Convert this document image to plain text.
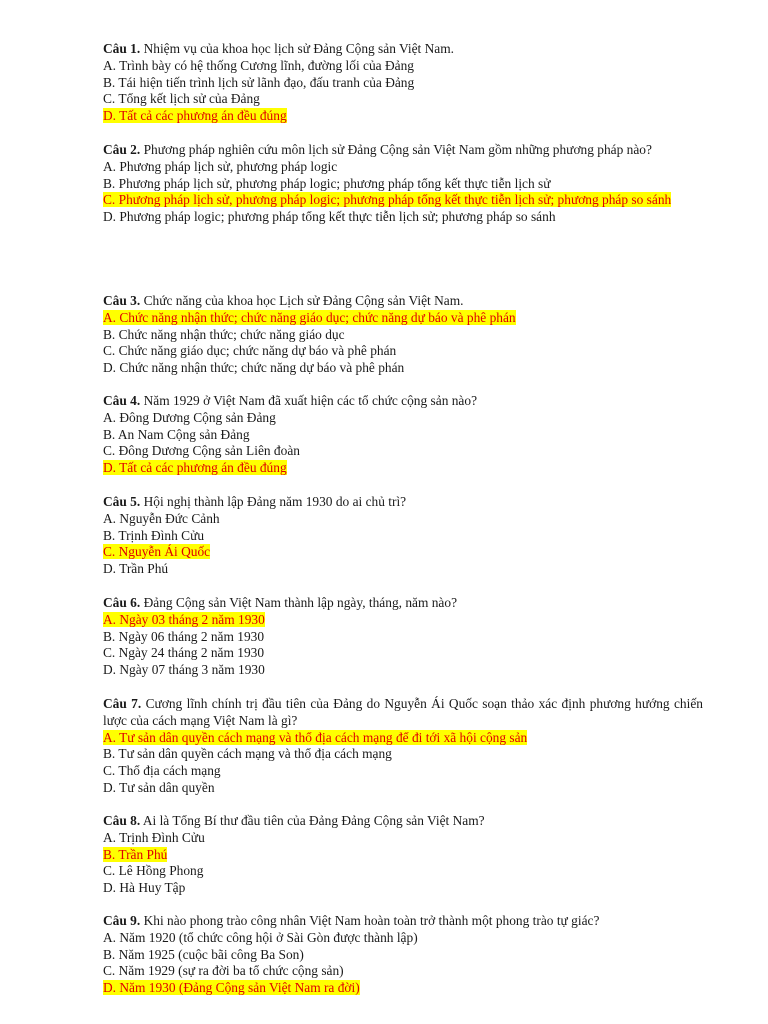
Câu 1. Nhiệm vụ của khoa học lịch sử Đảng Cộng sản Việt Nam.
A. Trình bày có hệ thống Cương lĩnh, đường lối của Đảng
B. Tái hiện tiến trình lịch sử lãnh đạo, đấu tranh của Đảng
C. Tổng kết lịch sử của Đảng
D. Tất cả các phương án đều đúng
Câu 2. Phương pháp nghiên cứu môn lịch sử Đảng Cộng sản Việt Nam gồm những phương pháp nào?
A. Phương pháp lịch sử, phương pháp logic
B. Phương pháp lịch sử, phương pháp logic; phương pháp tổng kết thực tiễn lịch sử
C. Phương pháp lịch sử, phương pháp logic; phương pháp tổng kết thực tiễn lịch sử; phương pháp so sánh
D. Phương pháp logic; phương pháp tổng kết thực tiễn lịch sử; phương pháp so sánh
Câu 3. Chức năng của khoa học Lịch sử Đảng Cộng sản Việt Nam.
A. Chức năng nhận thức; chức năng giáo dục; chức năng dự báo và phê phán
B. Chức năng nhận thức; chức năng giáo dục
C. Chức năng giáo dục; chức năng dự báo và phê phán
D. Chức năng nhận thức; chức năng dự báo và phê phán
Câu 4. Năm 1929 ở Việt Nam đã xuất hiện các tổ chức cộng sản nào?
A. Đông Dương Cộng sản Đảng
B. An Nam Cộng sản Đảng
C. Đông Dương Cộng sản Liên đoàn
D. Tất cả các phương án đều đúng
Câu 5. Hội nghị thành lập Đảng năm 1930 do ai chủ trì?
A. Nguyễn Đức Cảnh
B. Trịnh Đình Cửu
C. Nguyễn Ái Quốc
D. Trần Phú
Câu 6. Đảng Cộng sản Việt Nam thành lập ngày, tháng, năm nào?
A. Ngày 03 tháng 2 năm 1930
B. Ngày 06 tháng 2 năm 1930
C. Ngày 24 tháng 2 năm 1930
D. Ngày 07 tháng 3 năm 1930
Câu 7. Cương lĩnh chính trị đầu tiên của Đảng do Nguyễn Ái Quốc soạn thảo xác định phương hướng chiến lược của cách mạng Việt Nam là gì?
A. Tư sản dân quyền cách mạng và thổ địa cách mạng để đi tới xã hội cộng sản
B. Tư sản dân quyền cách mạng và thổ địa cách mạng
C. Thổ địa cách mạng
D. Tư sản dân quyền
Câu 8. Ai là Tổng Bí thư đầu tiên của Đảng Đảng Cộng sản Việt Nam?
A. Trịnh Đình Cửu
B. Trần Phú
C. Lê Hồng Phong
D. Hà Huy Tập
Câu 9. Khi nào phong trào công nhân Việt Nam hoàn toàn trở thành một phong trào tự giác?
A. Năm 1920 (tổ chức công hội ở Sài Gòn được thành lập)
B. Năm 1925 (cuộc bãi công Ba Son)
C. Năm 1929 (sự ra đời ba tổ chức cộng sản)
D. Năm 1930 (Đảng Cộng sản Việt Nam ra đời)
